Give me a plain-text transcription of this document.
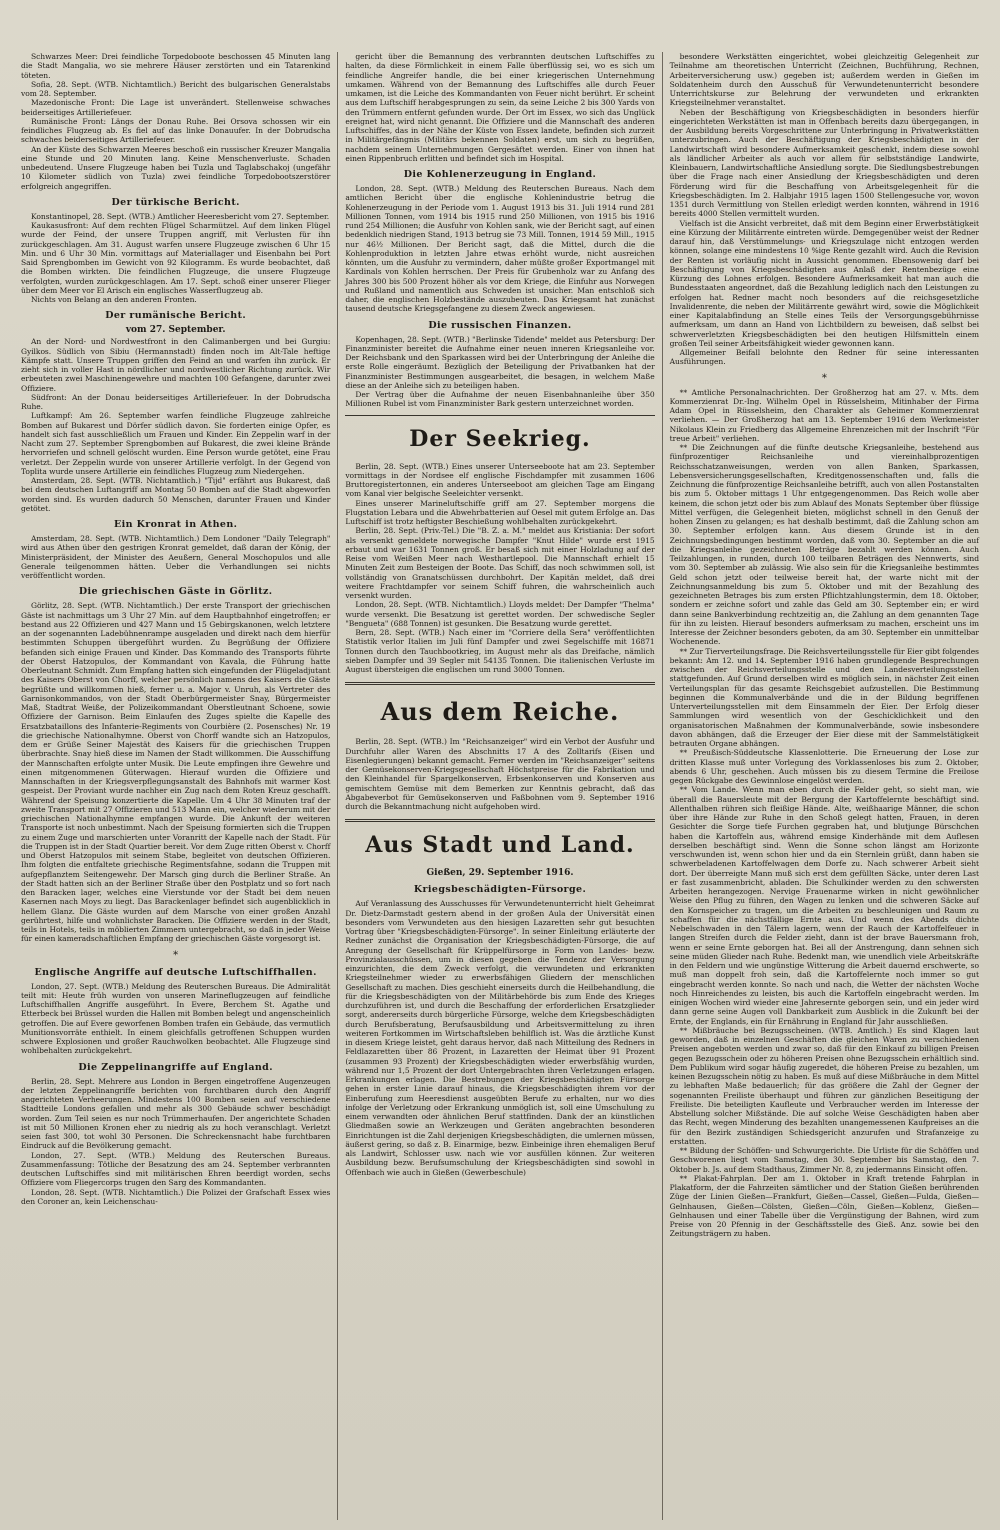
Schwarzes Meer: Drei feindliche Torpedoboote beschossen 45 Minuten lang die Stadt Mangalia, wo sie mehrere Häuser zerstörten und ein Tatarenkind töteten.

Sofia, 28. Sept. (WTB. Nichtamtlich.) Bericht des bulgarischen Generalstabs vom 28. September.

Mazedonische Front: Die Lage ist unverändert. Stellenweise schwaches beiderseitiges Artilleriefeuer.

Rumänische Front: Längs der Donau Ruhe. Bei Orsova schossen wir ein feindliches Flugzeug ab. Es fiel auf das linke Donauufer. In der Dobrudscha schwaches beiderseitiges Artilleriefeuer.

An der Küste des Schwarzen Meeres beschoß ein russischer Kreuzer Mangalia eine Stunde und 20 Minuten lang. Keine Menschenverluste. Schaden unbedeutend. Unsere Flugzeuge haben bei Tuzla und Taglabschakoj (ungefähr 10 Kilometer südlich von Tuzla) zwei feindliche Torpedobootszerstörer erfolgreich angegriffen.

Der türkische Bericht.

Konstantinopel, 28. Sept. (WTB.) Amtlicher Heeresbericht vom 27. September.

Kaukasusfront: Auf dem rechten Flügel Scharmützel. Auf dem linken Flügel wurde der Feind, der unsere Truppen angriff, mit Verlusten für ihn zurückgeschlagen. Am 31. August warfen unsere Flugzeuge zwischen 6 Uhr 15 Min. und 6 Uhr 30 Min. vormittags auf Materiallager und Eisenbahn bei Port Said Sprengbomben im Gewicht von 92 Kilogramm. Es wurde beobachtet, daß die Bomben wirkten. Die feindlichen Flugzeuge, die unsere Flugzeuge verfolgten, wurden zurückgeschlagen. Am 17. Sept. schoß einer unserer Flieger über dem Meer vor El Arisch ein englisches Wasserflugzeug ab.

Nichts von Belang an den anderen Fronten.

Der rumänische Bericht.
vom 27. September.

An der Nord- und Nordwestfront in den Calimanbergen und bei Gurgiu: Gyilkos. Südlich von Sibiu (Hermannstadt) finden noch im Alt-Tale heftige Kämpfe statt. Unsere Truppen griffen den Feind an und warfen ihn zurück. Er zieht sich in voller Hast in nördlicher und nordwestlicher Richtung zurück. Wir erbeuteten zwei Maschinengewehre und machten 100 Gefangene, darunter zwei Offiziere.

Südfront: An der Donau beiderseitiges Artilleriefeuer. In der Dobrudscha Ruhe.

Luftkampf: Am 26. September warfen feindliche Flugzeuge zahlreiche Bomben auf Bukarest und Dörfer südlich davon. Sie forderten einige Opfer, es handelt sich fast ausschließlich um Frauen und Kinder. Ein Zeppelin warf in der Nacht zum 27. September Sprengbomben auf Bukarest, die zwei kleine Brände hervorriefen und schnell gelöscht wurden. Eine Person wurde getötet, eine Frau verletzt. Der Zeppelin wurde von unserer Artillerie verfolgt. In der Gegend von Toplita wurde unsere Artillerie ein feindliches Flugzeug zum Niedergehen.

Amsterdam, 28. Sept. (WTB. Nichtamtlich.) "Tijd" erfährt aus Bukarest, daß bei dem deutschen Luftangriff am Montag 50 Bomben auf die Stadt abgeworfen worden sind. Es wurden dadurch 50 Menschen, darunter Frauen und Kinder getötet.

Ein Kronrat in Athen.

Amsterdam, 28. Sept. (WTB. Nichtamtlich.) Dem Londoner "Daily Telegraph" wird aus Athen über den gestrigen Kronrat gemeldet, daß daran der König, der Ministerpräsident, der Minister des Aeußern, General Moschopulos und alle Generale teilgenommen hätten. Ueber die Verhandlungen sei nichts veröffentlicht worden.

Die griechischen Gäste in Görlitz.

Görlitz, 28. Sept. (WTB. Nichtamtlich.) Der erste Transport der griechischen Gäste ist nachmittags um 3 Uhr 27 Min. auf dem Hauptbahnhof eingetroffen; er bestand aus 22 Offizieren und 427 Mann und 15 Gebirgskanonen, welch letztere an der sogenannten Ladebühnenrampe ausgeladen und direkt nach dem hierfür bestimmten Schuppen übergeführt wurden. Zu Begrüßung der Offiziere befanden sich einige Frauen und Kinder. Das Kommando des Transports führte der Oberst Hatzopulos, der Kommandant von Kavala, die Führung hatte Oberleutnant Schmidt. Zum Empfang hatten sich eingefunden der Flügeladjutant des Kaisers Oberst von Chorff, welcher persönlich namens des Kaisers die Gäste begrüßte und willkommen hieß, ferner u. a. Major v. Unruh, als Vertreter des Garnisonkommandos, von der Stadt Oberbürgermeister Snay, Bürgermeister Maß, Stadtrat Weiße, der Polizeikommandant Oberstleutnant Schoene, sowie Offiziere der Garnison. Beim Einlaufen des Zuges spielte die Kapelle des Ersatzbataillons des Infanterie-Regiments von Courbière (2. Posensches) Nr. 19 die griechische Nationalhymne. Oberst von Chorff wandte sich an Hatzopulos, dem er Grüße Seiner Majestät des Kaisers für die griechischen Truppen überbrachte. Snay hieß diese im Namen der Stadt willkommen. Die Ausschiffung der Mannschaften erfolgte unter Musik. Die Leute empfingen ihre Gewehre und einen mitgenommenen Güterwagen. Hierauf wurden die Offiziere und Mannschaften in der Kriegsverpflegungsanstalt des Bahnhofs mit warmer Kost gespeist. Der Proviant wurde nachher ein Zug nach dem Roten Kreuz geschafft. Während der Speisung konzertierte die Kapelle. Um 4 Uhr 38 Minuten traf der zweite Transport mit 27 Offizieren und 513 Mann ein, welcher wiederum mit der griechischen Nationalhymne empfangen wurde. Die Ankunft der weiteren Transporte ist noch unbestimmt. Nach der Speisung formierten sich die Truppen zu einem Zuge und marschierten unter Voranritt der Kapelle nach der Stadt. Für die Truppen ist in der Stadt Quartier bereit. Vor dem Zuge ritten Oberst v. Chorff und Oberst Hatzopulos mit seinem Stabe, begleitet von deutschen Offizieren. Ihm folgten die entfaltete griechische Regimentsfahne, sodann die Truppen mit aufgepflanztem Seitengewehr. Der Marsch ging durch die Berliner Straße. An der Stadt hatten sich an der Berliner Straße über den Postplatz und so fort nach den Baracken lager, welches eine Vierstunde vor der Stadt bei dem neuen Kasernen nach Moys zu liegt. Das Barackenlager befindet sich augenblicklich in hellem Glanz. Die Gäste wurden auf dem Marsche von einer großen Anzahl gerührtest, hilfe und wohnlichster Baracken. Die Offiziere werden in der Stadt, teils in Hotels, teils in möblierten Zimmern untergebracht, so daß in jeder Weise für einen kameradschaftlichen Empfang der griechischen Gäste vorgesorgt ist.

*
Englische Angriffe auf deutsche Luftschiffhallen.

London, 27. Sept. (WTB.) Meldung des Reuterschen Bureaus. Die Admiralität teilt mit: Heute früh wurden von unseren Marineflugzeugen auf feindliche Luftschiffhallen Angriffe ausgeführt. In Evere, Berchem St. Agathe und Etterbeck bei Brüssel wurden die Hallen mit Bomben belegt und angenscheinlich getroffen. Die auf Evere geworfenen Bomben trafen ein Gebäude, das vermutlich Munitionsvorräte enthielt. In einem gleichfalls getroffenen Schuppen wurden schwere Explosionen und großer Rauchwolken beobachtet. Alle Flugzeuge sind wohlbehalten zurückgekehrt.

Die Zeppelinangriffe auf England.

Berlin, 28. Sept. Mehrere aus London in Bergen eingetroffene Augenzeugen der letzten Zeppelinangriffe berichten von furchtbaren durch den Angriff angerichteten Verheerungen. Mindestens 100 Bomben seien auf verschiedene Stadtteile Londons gefallen und mehr als 300 Gebäude schwer beschädigt worden. Zum Teil seien es nur noch Trümmerhaufen. Der angerichtete Schaden ist mit 50 Millionen Kronen eher zu niedrig als zu hoch veranschlagt. Verletzt seien fast 300, tot wohl 30 Personen. Die Schreckensnacht habe furchtbaren Eindruck auf die Bevölkerung gemacht.

London, 27. Sept. (WTB.) Meldung des Reuterschen Bureaus. Zusammenfassung: Tötliche der Besatzung des am 24. September verbrannten deutschen Luftschiffes sind mit militärischen Ehren beerdigt worden, sechs Offiziere vom Fliegercorps trugen den Sarg des Kommandanten.

London, 28. Sept. (WTB. Nichtamtlich.) Die Polizei der Grafschaft Essex wies den Coroner an, kein Leichenschau-

gericht über die Bemannung des verbrannten deutschen Luftschiffes zu halten, da diese Förmlichkeit in einem Falle überflüssig sei, wo es sich um feindliche Angreifer handle, die bei einer kriegerischen Unternehmung umkamen. Während von der Bemannung des Luftschiffes alle durch Feuer umkamen, ist die Leiche des Kommandanten von Feuer nicht berührt. Er scheint aus dem Luftschiff herabgesprungen zu sein, da seine Leiche 2 bis 300 Yards von den Trümmern entfernt gefunden wurde. Der Ort im Essex, wo sich das Unglück ereignet hat, wird nicht genannt. Die Offiziere und die Mannschaft des anderen Luftschiffes, das in der Nähe der Küste von Essex landete, befinden sich zurzeit in Militärgefängnis (Militärs bekennen Soldaten) erst, um sich zu begrüßen, nachdem seinem Unternehmungen Gergesäftet werden. Einer von ihnen hat einen Rippenbruch erlitten und befindet sich im Hospital.

Die Kohlenerzeugung in England.

London, 28. Sept. (WTB.) Meldung des Reuterschen Bureaus. Nach dem amtlichen Bericht über die englische Kohlenindustrie betrug die Kohlenerzeugung in der Periode vom 1. August 1913 bis 31. Juli 1914 rund 281 Millionen Tonnen, vom 1914 bis 1915 rund 250 Millionen, von 1915 bis 1916 rund 254 Millionen; die Ausfuhr von Kohlen sank, wie der Bericht sagt, auf einen bedenklich niedrigen Stand, 1913 betrug sie 73 Mill. Tonnen, 1914 59 Mill., 1915 nur 46½ Millionen. Der Bericht sagt, daß die Mittel, durch die die Kohlenproduktion in letzten Jahre etwas erhöht wurde, nicht ausreichen könnten, um die Ausfuhr zu vermindern, daher müßte großer Exportmangel mit Kardinals von Kohlen herrschen. Der Preis für Grubenholz war zu Anfang des Jahres 300 bis 500 Prozent höher als vor dem Kriege, die Einfuhr aus Norwegen und Rußland und namentlich aus Schweden ist unsicher. Man entschloß sich daher, die englischen Holzbestände auszubeuten. Das Kriegsamt hat zunächst tausend deutsche Kriegsgefangene zu diesem Zweck angewiesen.

Die russischen Finanzen.

Kopenhagen, 28. Sept. (WTB.) "Berlinske Tidende" meldet aus Petersburg: Der Finanzminister bereitet die Aufnahme einer neuen inneren Kriegsanleihe vor. Der Reichsbank und den Sparkassen wird bei der Unterbringung der Anleihe die erste Rolle eingeräumt. Bezüglich der Beteiligung der Privatbanken hat der Finanzminister Bestimmungen ausgearbeitet, die besagen, in welchem Maße diese an der Anleihe sich zu beteiligen haben.

Der Vertrag über die Aufnahme der neuen Eisenbahnanleihe über 350 Millionen Rubel ist vom Finanzminister Bark gestern unterzeichnet worden.

Der Seekrieg.

Berlin, 28. Sept. (WTB.) Eines unserer Unterseeboote hat am 23. September vormittags in der Nordsee elf englische Fischdampfer mit zusammen 1606 Bruttoregistertonnen, ein anderes Unterseeboot am gleichen Tage am Eingang vom Kanal vier belgische Seeleichter versenkt.

Eines unserer Marineluftschiffe griff am 27. September morgens die Flugstation Lebara und die Abwehrbatterien auf Oesel mit gutem Erfolge an. Das Luftschiff ist trotz heftigster Beschießung wohlbehalten zurückgekehrt.

Berlin, 28. Sept. (Priv.-Tel.) Die "B. Z. a. M." meldet aus Kristiania: Der sofort als versenkt gemeldete norwegische Dampfer "Knut Hilde" wurde erst 1915 erbaut und war 1631 Tonnen groß. Er besaß sich mit einer Holzladung auf der Reise vom Weißen Meer nach Westhartlepool. Die Mannschaft erhielt 15 Minuten Zeit zum Besteigen der Boote. Das Schiff, das noch schwimmen soll, ist vollständig von Granatschüssen durchbohrt. Der Kapitän meldet, daß drei weitere Frachtdampfer vor seinem Schiff fuhren, die wahrscheinlich auch versenkt wurden.

London, 28. Sept. (WTB. Nichtamtlich.) Lloyds meldet: Der Dampfer "Thelma" wurde versenkt. Die Besatzung ist gerettet worden. Der schwedische Segler "Bengueta" (688 Tonnen) ist gesunken. Die Besatzung wurde gerettet.

Bern, 28. Sept. (WTB.) Nach einer im "Corriere della Sera" veröffentlichten Statistik verlor Italien im Juli fünf Dampfer und zwei Segelschiffe mit 16871 Tonnen durch den Tauchbootkrieg, im August mehr als das Dreifache, nämlich sieben Dampfer und 39 Segler mit 54135 Tonnen. Die italienischen Verluste im August übersteigen die englischen um rund 3000 Tonnen.

Aus dem Reiche.

Berlin, 28. Sept. (WTB.) Im "Reichsanzeiger" wird ein Verbot der Ausfuhr und Durchfuhr aller Waren des Abschnitts 17 A des Zolltarifs (Eisen und Eisenlegierungen) bekannt gemacht. Ferner werden im "Reichsanzeiger" seitens der Gemüsekonserven-Kriegsgesellschaft Höchstpreise für die Fabrikation und den Kleinhandel für Spargelkonserven, Erbsenkonserven und Konserven aus gemischtem Gemüse mit dem Bemerken zur Kenntnis gebracht, daß das Abgabeverbot für Gemüsekonserven und Faßbohnen vom 9. September 1916 durch die Bekanntmachung nicht aufgehoben wird.

Aus Stadt und Land.
Gießen, 29. September 1916.
Kriegsbeschädigten-Fürsorge.

Auf Veranlassung des Ausschusses für Verwundetenunterricht hielt Geheimrat Dr. Dietz-Darmstadt gestern abend in der großen Aula der Universität einen besonders vom Verwundeten aus den hiesigen Lazaretten sehr gut besuchten Vortrag über "Kriegsbeschädigten-Fürsorge". In seiner Einleitung erläuterte der Redner zunächst die Organisation der Kriegsbeschädigten-Fürsorge, die auf Anregung der Gesellschaft für Krüppelfürsorge in Form von Landes- bezw. Provinzialausschüssen, um in diesen gegeben die Tendenz der Versorgung einzurichten, die dem Zweck verfolgt, die verwundeten und erkrankten Kriegsteilnehmer wieder zu erwerbsfähigen Gliedern der menschlichen Gesellschaft zu machen. Dies geschieht einerseits durch die Heilbehandlung, die für die Kriegsbeschädigten von der Militärbehörde bis zum Ende des Krieges durchzuführen ist, und durch die Beschaffung der erforderlichen Ersatzglieder sorgt, andererseits durch bürgerliche Fürsorge, welche dem Kriegsbeschädigten durch Berufsberatung, Berufsausbildung und Arbeitsvermittelung zu ihren weiteren Fortkommen im Wirtschaftsleben behilflich ist. Was die ärztliche Kunst in diesem Kriege leistet, geht daraus hervor, daß nach Mitteilung des Redners in Feldlazaretten über 86 Prozent, in Lazaretten der Heimat über 91 Prozent (zusammen 93 Prozent) der Kriegsbeschädigten wieder erwerbsfähig wurden, während nur 1,5 Prozent der dort Untergebrachten ihren Verletzungen erlagen. Erkrankungen erlagen. Die Bestrebungen der Kriegsbeschädigten Fürsorge gehen in erster Linie darauf hinaus, die Kriegsbeschädigten ihrem vor der Einberufung zum Heeresdienst ausgeübten Berufe zu erhalten, nur wo dies infolge der Verletzung oder Erkrankung unmöglich ist, soll eine Umschulung zu einem verwandten oder ähnlichen Beruf stattfinden. Dank der an künstlichen Gliedmaßen sowie an Werkzeugen und Geräten angebrachten besonderen Einrichtungen ist die Zahl derjenigen Kriegsbeschädigten, die umlernen müssen, äußerst gering, so daß z. B. Einarmige, bezw. Einbeinige ihren ehemaligen Beruf als Landwirt, Schlosser usw. nach wie vor ausfüllen können. Zur weiteren Ausbildung bezw. Berufsumschulung der Kriegsbeschädigten sind sowohl in Offenbach wie auch in Gießen (Gewerbeschule)

besondere Werkstätten eingerichtet, wobei gleichzeitig Gelegenheit zur Teilnahme am theoretischen Unterricht (Zeichnen, Buchführung, Rechnen, Arbeiterversicherung usw.) gegeben ist; außerdem werden in Gießen im Soldatenheim durch den Ausschuß für Verwundetenunterricht besondere Unterrichtskurse zur Belehrung der verwundeten und erkrankten Kriegsteilnehmer veranstaltet.

Neben der Beschäftigung von Kriegsbeschädigten in besonders hierfür eingerichteten Werkstätten ist man in Offenbach bereits dazu übergegangen, in der Ausbildung bereits Vorgeschrittene zur Unterbringung in Privatwerkstätten unterzubringen. Auch der Beschäftigung der Kriegsbeschädigten in der Landwirtschaft wird besondere Aufmerksamkeit geschenkt, indem diese sowohl als ländlicher Arbeiter als auch vor allem für selbstständige Landwirte, Kleinbauern, Landwirtschaftliche Ansiedlung sorgte. Die Siedlungsbestrebungen über die Frage nach einer Ansiedlung der Kriegsbeschädigten und deren Förderung wird für die Beschaffung von Arbeitsgelegenheit für die Kriegsbeschädigten. Im 2. Halbjahr 1915 lagen 1500 Stellengesuche vor, wovon 1351 durch Vermittlung von Stellen erledigt werden konnten, während in 1916 bereits 4000 Stellen vermittelt wurden.

Vielfach ist die Ansicht verbreitet, daß mit dem Beginn einer Erwerbstätigkeit eine Kürzung der Militärrente eintreten würde. Demgegenüber weist der Redner darauf hin, daß Verstümmelungs- und Kriegszulage nicht entzogen werden können, solange eine mindestens 10 %ige Rente gezahlt wird. Auch die Revision der Renten ist vorläufig nicht in Aussicht genommen. Ebensowenig darf bei Beschäftigung von Kriegsbeschädigten aus Anlaß der Rentenbezüge eine Kürzung des Lohnes erfolgen. Besondere Aufmerksamkeit hat man auch die Bundesstaaten angeordnet, daß die Bezahlung lediglich nach den Leistungen zu erfolgen hat. Redner macht noch besonders auf die reichsgesetzliche Invalidenrente, die neben der Militärrente gewährt wird, sowie die Möglichkeit einer Kapitalabfindung an Stelle eines Teils der Versorgungsgebührnisse aufmerksam, um dann an Hand von Lichtbildern zu beweisen, daß selbst bei schwerverletzten Kriegsbeschädigten bei den heutigen Hilfsmitteln einem großen Teil seiner Arbeitsfähigkeit wieder gewonnen kann.

Allgemeiner Beifall belohnte den Redner für seine interessanten Ausführungen.

*

** Amtliche Personalnachrichten. Der Großherzog hat am 27. v. Mts. dem Kommerzienrat Dr.-Ing. Wilhelm Opel in Rüsselsheim, Mitinhaber der Firma Adam Opel in Rüsselsheim, den Charakter als Geheimer Kommerzienrat verliehen. — Der Großherzog hat am 13. September 1916 dem Werkmeister Nikolaus Klein zu Friedberg das Allgemeine Ehrenzeichen mit der Inschrift "Für treue Arbeit" verliehen.

** Die Zeichnungen auf die fünfte deutsche Kriegsanleihe, bestehend aus fünfprozentiger Reichsanleihe und viereinhalbprozentigen Reichsschatzanweisungen, werden von allen Banken, Sparkassen, Lebensversicherungsgesellschaften, Kreditgenossenschaften und, falls die Zeichnung die fünfprozentige Reichsanleihe betrifft, auch von allen Postanstalten bis zum 5. Oktober mittags 1 Uhr entgegengenommen. Das Reich wolle aber keinem, die schon jetzt oder bis zum Ablauf des Monats September über flüssige Mittel verfügen, die Gelegenheit bieten, möglichst schnell in den Genuß der hohen Zinsen zu gelangen; es hat deshalb bestimmt, daß die Zahlung schon am 30. September erfolgen kann. Aus diesem Grunde ist in den Zeichnungsbedingungen bestimmt worden, daß vom 30. September an die auf die Kriegsanleihe gezeichneten Beträge bezahlt werden können. Auch Teilzahlungen, in runden, durch 100 teilbaren Beträgen des Nennwerts, sind vom 30. September ab zulässig. Wie also sein für die Kriegsanleihe bestimmtes Geld schon jetzt oder teilweise bereit hat, der warte nicht mit der Zeichnungsanmeldung bis zum 5. Oktober und mit der Bezahlung des gezeichneten Betrages bis zum ersten Pflichtzahlungstermin, dem 18. Oktober, sondern er zeichne sofort und zahle das Geld am 30. September ein; er wird dann seine Bankverbindung rechtzeitig an, die Zahlung an dem genannten Tage für ihn zu leisten. Hierauf besonders aufmerksam zu machen, erscheint uns im Interesse der Zeichner besonders geboten, da am 30. September ein unmittelbar Wochenende.

** Zur Tierverteilungsfrage. Die Reichsverteilungsstelle für Eier gibt folgendes bekannt: Am 12. und 14. September 1916 haben grundlegende Besprechungen zwischen der Reichsverteilungsstelle und den Landesverteilungsstellen stattgefunden. Auf Grund derselben wird es möglich sein, in nächster Zeit einen Verteilungsplan für das gesamte Reichsgebiet aufzustellen. Die Bestimmung beginnen die Kommunalverbände und die in der Bildung begriffenen Unterverteilungsstellen mit dem Einsammeln der Eier. Der Erfolg dieser Sammlungen wird wesentlich von der Geschicklichkeit und den organisatorischen Maßnahmen der Kommunalverbände, sowie insbesondere davon abhängen, daß die Erzeuger der Eier diese mit der Sammelstätigkeit betrauten Organe abhängen.

** Preußisch-Süddeutsche Klassenlotterie. Die Erneuerung der Lose zur dritten Klasse muß unter Vorlegung des Vorklassenloses bis zum 2. Oktober, abends 6 Uhr, geschehen. Auch müssen bis zu diesem Termine die Freilose gegen Rückgabe des Gewinnlose eingelöst werden.

** Vom Lande. Wenn man eben durch die Felder geht, so sieht man, wie überall die Bauersleute mit der Bergung der Kartoffelernte beschäftigt sind. Allenthalben rühren sich fleißige Hände. Alte, weißhaarige Männer, die schon über ihre Hände zur Ruhe in den Schoß gelegt hatten, Frauen, in deren Gesichter die Sorge tiefe Furchen gegraben hat, und blutjunge Bürschchen haben die Kartoffeln aus, während emsige Kinderhände mit dem Auflesen derselben beschäftigt sind. Wenn die Sonne schon längst am Horizonte verschwunden ist, wenn schon hier und da ein Sternlein grüßt, dann haben sie schwerbeladenen Kartoffelwagen dem Dorfe zu. Nach schwerer Arbeit sieht dort. Der überreigte Mann muß sich erst dem gefüllten Säcke, unter deren Last er fast zusammenbricht, abladen. Die Schulkinder werden zu den schwersten Arbeiten herangezogen. Nervige Frauenarme wirken in nicht gewöhnlicher Weise den Pflug zu führen, den Wagen zu lenken und die schweren Säcke auf den Kornspeicher zu tragen, um die Arbeiten zu beschleunigen und Raum zu schaffen für die nächstfällige Ernte aus. Und wenn des Abends dichte Nebelschwaden in den Tälern lagern, wenn der Rauch der Kartoffelfeuer in langen Streifen durch die Felder zieht, dann ist der brave Bauersmann froh, wenn er seine Ernte geborgen hat. Bei all der Anstrengung, dann sehnen sich seine müden Glieder nach Ruhe. Bedenkt man, wie unendlich viele Arbeitskräfte in den Feldern und wie ungünstige Witterung die Arbeit dauernd erschwerte, so muß man doppelt froh sein, daß die Kartoffelernte noch immer so gut eingebracht werden konnte. So nach und nach, die Wetter der nächsten Woche noch Hinreichendes zu leisten, bis auch die Kartoffeln eingebracht werden. Im einigen Wochen wird wieder eine Jahresernte geborgen sein, und ein jeder wird dann gerne seine Augen voll Dankbarkeit zum Ausblick in die Zukunft bei der Ernte, der Englands, ein für Ernährung in England für Jahr ausschließen.

** Mißbräuche bei Bezugsscheinen. (WTB. Amtlich.) Es sind Klagen laut geworden, daß in einzelnen Geschäften die gleichen Waren zu verschiedenen Preisen angeboten werden und zwar so, daß für den Einkauf zu billigen Preisen gegen Bezugsschein oder zu höheren Preisen ohne Bezugsschein erhältlich sind. Dem Publikum wird sogar häufig zugeredet, die höheren Preise zu bezahlen, um keinen Bezugsschein nötig zu haben. Es muß auf diese Mißbräuche in dem Mittel zu lebhaften Maße bedauerlich; für das größere die Zahl der Gegner der sogenannten Freiliste überhaupt und führen zur gänzlichen Beseitigung der Freiliste. Die beteiligten Kaufleute und Verbraucher werden im Interesse der Abstellung solcher Mißstände. Die auf solche Weise Geschädigten haben aber das Recht, wegen Minderung des bezahlten unangemessenen Kaufpreises an die für den Bezirk zuständigen Schiedsgericht anzurufen und Strafanzeige zu erstatten.

** Bildung der Schöffen- und Schwurgerichte. Die Urliste für die Schöffen und Geschworenen liegt vom Samstag, den 30. September bis Samstag, den 7. Oktober b. Js. auf dem Stadthaus, Zimmer Nr. 8, zu jedermanns Einsicht offen.

** Plakat-Fahrplan. Der am 1. Oktober in Kraft tretende Fahrplan in Plakatform, der die Fahrzeiten sämtlicher und der Station Gießen berührenden Züge der Linien Gießen—Frankfurt, Gießen—Cassel, Gießen—Fulda, Gießen—Gelnhausen, Gießen—Cölsten, Gießen—Cöln, Gießen—Koblenz, Gießen—Gelnhausen und einer Tabelle über die Vergünstigung der Bahnen, wird zum Preise von 20 Pfennig in der Geschäftsstelle des Gieß. Anz. sowie bei den Zeitungsträgern zu haben.
